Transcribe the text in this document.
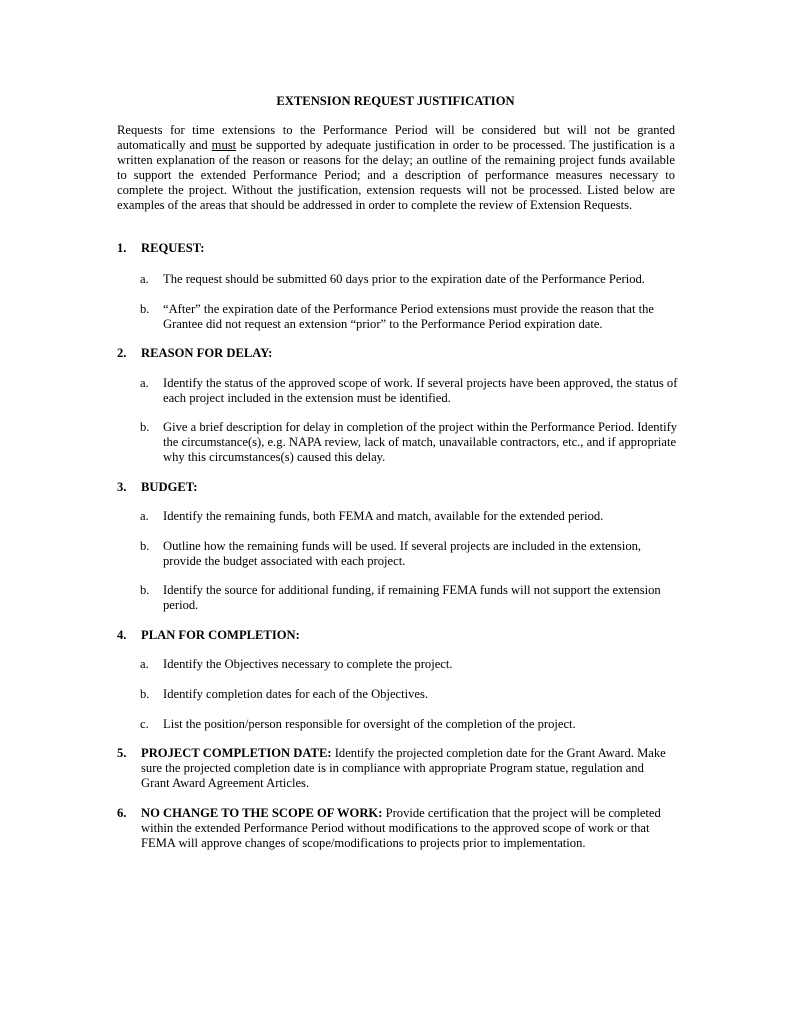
EXTENSION REQUEST JUSTIFICATION
Requests for time extensions to the Performance Period will be considered but will not be granted automatically and must be supported by adequate justification in order to be processed. The justification is a written explanation of the reason or reasons for the delay; an outline of the remaining project funds available to support the extended Performance Period; and a description of performance measures necessary to complete the project. Without the justification, extension requests will not be processed. Listed below are examples of the areas that should be addressed in order to complete the review of Extension Requests.
1. REQUEST:
a.	The request should be submitted 60 days prior to the expiration date of the Performance Period.
b.	“After” the expiration date of the Performance Period extensions must provide the reason that the Grantee did not request an extension “prior” to the Performance Period expiration date.
2. REASON FOR DELAY:
a.	Identify the status of the approved scope of work. If several projects have been approved, the status of each project included in the extension must be identified.
b.	Give a brief description for delay in completion of the project within the Performance Period. Identify the circumstance(s), e.g. NAPA review, lack of match, unavailable contractors, etc., and if appropriate why this circumstances(s) caused this delay.
3. BUDGET:
a.	Identify the remaining funds, both FEMA and match, available for the extended period.
b.	Outline how the remaining funds will be used. If several projects are included in the extension, provide the budget associated with each project.
b.	Identify the source for additional funding, if remaining FEMA funds will not support the extension period.
4. PLAN FOR COMPLETION:
a.	Identify the Objectives necessary to complete the project.
b.	Identify completion dates for each of the Objectives.
c.	List the position/person responsible for oversight of the completion of the project.
5. PROJECT COMPLETION DATE: Identify the projected completion date for the Grant Award. Make sure the projected completion date is in compliance with appropriate Program statue, regulation and Grant Award Agreement Articles.
6. NO CHANGE TO THE SCOPE OF WORK: Provide certification that the project will be completed within the extended Performance Period without modifications to the approved scope of work or that FEMA will approve changes of scope/modifications to projects prior to implementation.
